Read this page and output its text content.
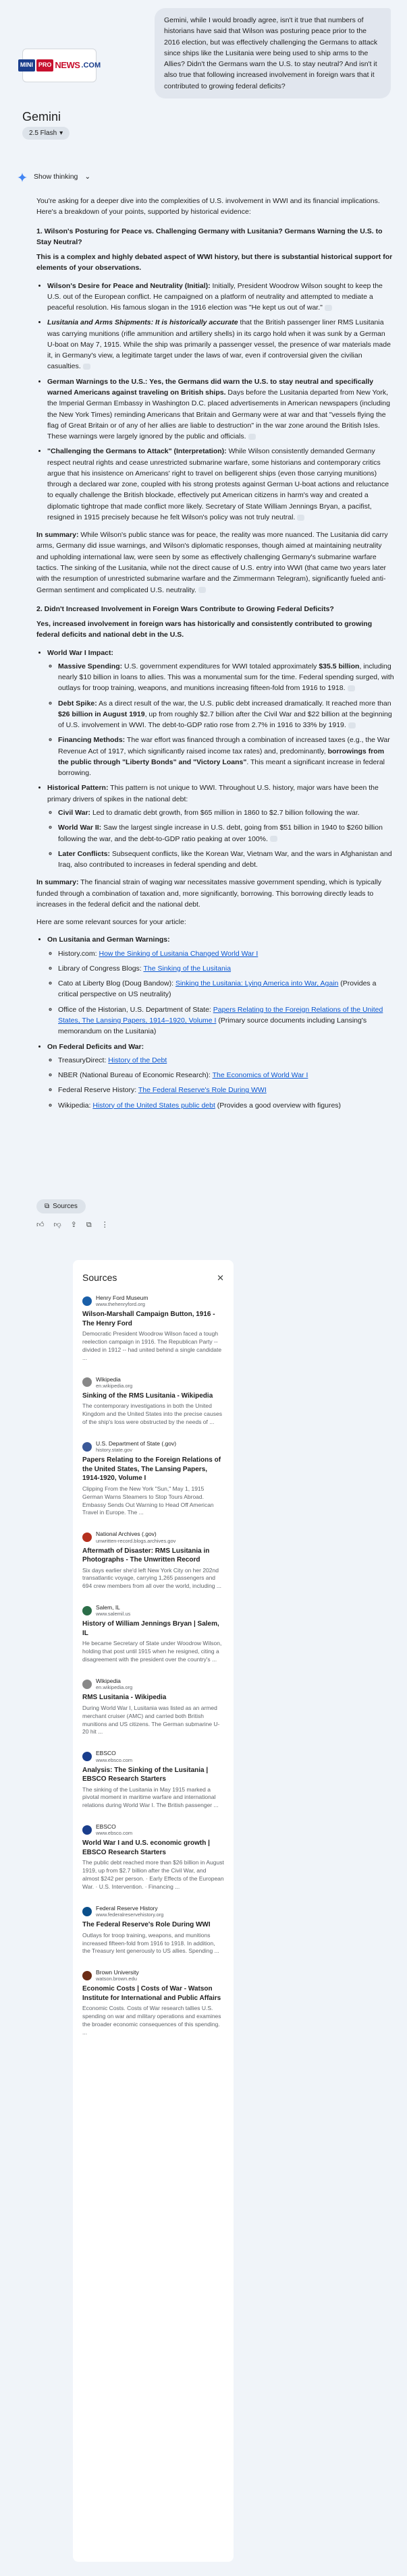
MINI PRO NEWS .COM
Gemini
2.5 Flash ▾
Gemini, while I would broadly agree, isn't it true that numbers of historians have said that Wilson was posturing peace prior to the 2016 election, but was effectively challenging the Germans to attack since ships like the Lusitania were being used to ship arms to the Allies? Didn't the Germans warn the U.S. to stay neutral? And isn't it also true that following increased involvement in foreign wars that it contributed to growing federal deficits?
Show thinking ⌄

You're asking for a deeper dive into the complexities of U.S. involvement in WWI and its financial implications. Here's a breakdown of your points, supported by historical evidence:

1. Wilson's Posturing for Peace vs. Challenging Germany with Lusitania? Germans Warning the U.S. to Stay Neutral?

This is a complex and highly debated aspect of WWI history, but there is substantial historical support for elements of your observations.

• Wilson's Desire for Peace and Neutrality (Initial): Initially, President Woodrow Wilson sought to keep the U.S. out of the European conflict. He campaigned on a platform of neutrality and attempted to mediate a peaceful resolution. His famous slogan in the 1916 election was "He kept us out of war."
• Lusitania and Arms Shipments: It is historically accurate that the British passenger liner RMS Lusitania was carrying munitions (rifle ammunition and artillery shells) in its cargo hold when it was sunk by a German U-boat on May 7, 1915. While the ship was primarily a passenger vessel, the presence of war materials made it, in Germany's view, a legitimate target under the laws of war, even if controversial given the civilian casualties.
• German Warnings to the U.S.: Yes, the Germans did warn the U.S. to stay neutral and specifically warned Americans against traveling on British ships. Days before the Lusitania departed from New York, the Imperial German Embassy in Washington D.C. placed advertisements in American newspapers (including the New York Times) reminding Americans that Britain and Germany were at war and that "vessels flying the flag of Great Britain or of any of her allies are liable to destruction" in the war zone around the British Isles. These warnings were largely ignored by the public and officials.
• "Challenging the Germans to Attack" (Interpretation): While Wilson consistently demanded Germany respect neutral rights and cease unrestricted submarine warfare, some historians and contemporary critics argue that his insistence on Americans' right to travel on belligerent ships (even those carrying munitions) through a declared war zone, coupled with his strong protests against German U-boat actions and reluctance to equally challenge the British blockade, effectively put American citizens in harm's way and created a diplomatic tightrope that made conflict more likely. Secretary of State William Jennings Bryan, a pacifist, resigned in 1915 precisely because he felt Wilson's policy was not truly neutral.

In summary: While Wilson's public stance was for peace, the reality was more nuanced. The Lusitania did carry arms, Germany did issue warnings, and Wilson's diplomatic responses, though aimed at maintaining neutrality and upholding international law, were seen by some as effectively challenging Germany's submarine warfare tactics. The sinking of the Lusitania, while not the direct cause of U.S. entry into WWI (that came two years later with the resumption of unrestricted submarine warfare and the Zimmermann Telegram), significantly fueled anti-German sentiment and complicated U.S. neutrality.

2. Didn't Increased Involvement in Foreign Wars Contribute to Growing Federal Deficits?

Yes, increased involvement in foreign wars has historically and consistently contributed to growing federal deficits and national debt in the U.S.

• World War I Impact:
◦ Massive Spending: U.S. government expenditures for WWI totaled approximately $35.5 billion, including nearly $10 billion in loans to allies. This was a monumental sum for the time. Federal spending surged, with outlays for troop training, weapons, and munitions increasing fifteen-fold from 1916 to 1918.
◦ Debt Spike: As a direct result of the war, the U.S. public debt increased dramatically. It reached more than $26 billion in August 1919, up from roughly $2.7 billion after the Civil War and $22 billion at the beginning of U.S. involvement in WWI. The debt-to-GDP ratio rose from 2.7% in 1916 to 33% by 1919.
◦ Financing Methods: The war effort was financed through a combination of increased taxes (e.g., the War Revenue Act of 1917, which significantly raised income tax rates) and, predominantly, borrowings from the public through "Liberty Bonds" and "Victory Loans". This meant a significant increase in federal borrowing.
• Historical Pattern: This pattern is not unique to WWI. Throughout U.S. history, major wars have been the primary drivers of spikes in the national debt:
◦ Civil War: Led to dramatic debt growth, from $65 million in 1860 to $2.7 billion following the war.
◦ World War II: Saw the largest single increase in U.S. debt, going from $51 billion in 1940 to $260 billion following the war, and the debt-to-GDP ratio peaking at over 100%.
◦ Later Conflicts: Subsequent conflicts, like the Korean War, Vietnam War, and the wars in Afghanistan and Iraq, also contributed to increases in federal spending and debt.

In summary: The financial strain of waging war necessitates massive government spending, which is typically funded through a combination of taxation and, more significantly, borrowing. This borrowing directly leads to increases in the federal deficit and the national debt.

Here are some relevant sources for your article:

• On Lusitania and German Warnings:
◦ History.com: How the Sinking of Lusitania Changed World War I
◦ Library of Congress Blogs: The Sinking of the Lusitania
◦ Cato at Liberty Blog (Doug Bandow): Sinking the Lusitania: Lying America into War, Again (Provides a critical perspective on US neutrality)
◦ Office of the Historian, U.S. Department of State: Papers Relating to the Foreign Relations of the United States, The Lansing Papers, 1914–1920, Volume I (Primary source documents including Lansing's memorandum on the Lusitania)
• On Federal Deficits and War:
◦ TreasuryDirect: History of the Debt
◦ NBER (National Bureau of Economic Research): The Economics of World War I
◦ Federal Reserve History: The Federal Reserve's Role During WWI
◦ Wikipedia: History of the United States public debt (Provides a good overview with figures)
⧉ Sources
👍︎ 👎︎ ⇪ ⧉ ⋮
Sources	✕
Henry Ford Museum
www.thehenryford.org
Wilson-Marshall Campaign Button, 1916 - The Henry Ford
Democratic President Woodrow Wilson faced a tough reelection campaign in 1916. The Republican Party -- divided in 1912 -- had united behind a single candidate ...
Wikipedia
en.wikipedia.org
Sinking of the RMS Lusitania - Wikipedia
The contemporary investigations in both the United Kingdom and the United States into the precise causes of the ship's loss were obstructed by the needs of ...
U.S. Department of State (.gov)
history.state.gov
Papers Relating to the Foreign Relations of the United States, The Lansing Papers, 1914-1920, Volume I
Clipping From the New York "Sun," May 1, 1915 German Warns Steamers to Stop Tours Abroad. Embassy Sends Out Warning to Head Off American Travel in Europe. The ...
National Archives (.gov)
unwritten-record.blogs.archives.gov
Aftermath of Disaster: RMS Lusitania in Photographs - The Unwritten Record
Six days earlier she'd left New York City on her 202nd transatlantic voyage, carrying 1,265 passengers and 694 crew members from all over the world, including ...
Salem, IL
www.salemil.us
History of William Jennings Bryan | Salem, IL
He became Secretary of State under Woodrow Wilson, holding that post until 1915 when he resigned, citing a disagreement with the president over the country's ...
Wikipedia
en.wikipedia.org
RMS Lusitania - Wikipedia
During World War I, Lusitania was listed as an armed merchant cruiser (AMC) and carried both British munitions and US citizens. The German submarine U-20 hit ...
EBSCO
www.ebsco.com
Analysis: The Sinking of the Lusitania | EBSCO Research Starters
The sinking of the Lusitania in May 1915 marked a pivotal moment in maritime warfare and international relations during World War I. The British passenger ...
EBSCO
www.ebsco.com
World War I and U.S. economic growth | EBSCO Research Starters
The public debt reached more than $26 billion in August 1919, up from $2.7 billion after the Civil War, and almost $242 per person. · Early Effects of the European War. · U.S. Intervention. · Financing ...
Federal Reserve History
www.federalreservehistory.org
The Federal Reserve's Role During WWI
Outlays for troop training, weapons, and munitions increased fifteen-fold from 1916 to 1918. In addition, the Treasury lent generously to US allies. Spending ...
Brown University
watson.brown.edu
Economic Costs | Costs of War - Watson Institute for International and Public Affairs
Economic Costs. Costs of War research tallies U.S. spending on war and military operations and examines the broader economic consequences of this spending. ...
